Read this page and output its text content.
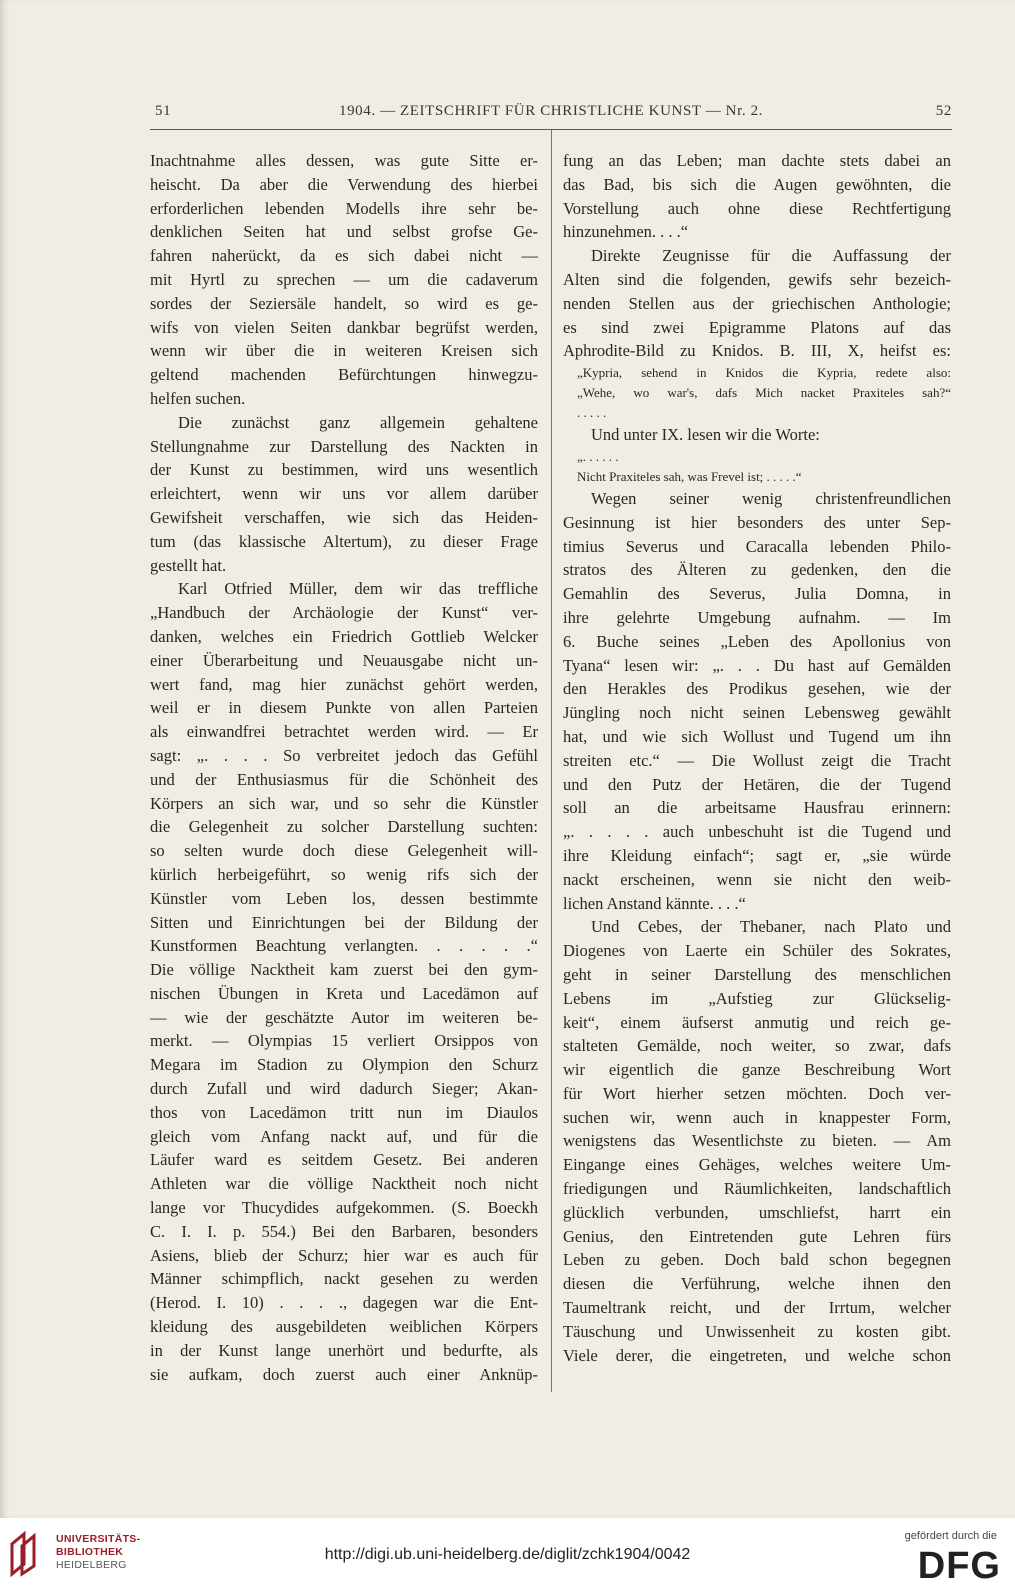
51	1904. — ZEITSCHRIFT FÜR CHRISTLICHE KUNST — Nr. 2.	52
Inachtnahme alles dessen, was gute Sitte er-
heischt. Da aber die Verwendung des hierbei
erforderlichen lebenden Modells ihre sehr be-
denklichen Seiten hat und selbst grofse Ge-
fahren naherückt, da es sich dabei nicht —
mit Hyrtl zu sprechen — um die cadaverum
sordes der Seziersäle handelt, so wird es ge-
wifs von vielen Seiten dankbar begrüfst werden,
wenn wir über die in weiteren Kreisen sich
geltend machenden Befürchtungen hinwegzu-
helfen suchen.
Die zunächst ganz allgemein gehaltene
Stellungnahme zur Darstellung des Nackten in
der Kunst zu bestimmen, wird uns wesentlich
erleichtert, wenn wir uns vor allem darüber
Gewifsheit verschaffen, wie sich das Heiden-
tum (das klassische Altertum), zu dieser Frage
gestellt hat.
Karl Otfried Müller, dem wir das treffliche
„Handbuch der Archäologie der Kunst“ ver-
danken, welches ein Friedrich Gottlieb Welcker
einer Überarbeitung und Neuausgabe nicht un-
wert fand, mag hier zunächst gehört werden,
weil er in diesem Punkte von allen Parteien
als einwandfrei betrachtet werden wird. — Er
sagt: „. . . . So verbreitet jedoch das Gefühl
und der Enthusiasmus für die Schönheit des
Körpers an sich war, und so sehr die Künstler
die Gelegenheit zu solcher Darstellung suchten:
so selten wurde doch diese Gelegenheit will-
kürlich herbeigeführt, so wenig rifs sich der
Künstler vom Leben los, dessen bestimmte
Sitten und Einrichtungen bei der Bildung der
Kunstformen Beachtung verlangten. . . . . .“
Die völlige Nacktheit kam zuerst bei den gym-
nischen Übungen in Kreta und Lacedämon auf
— wie der geschätzte Autor im weiteren be-
merkt. — Olympias 15 verliert Orsippos von
Megara im Stadion zu Olympion den Schurz
durch Zufall und wird dadurch Sieger; Akan-
thos von Lacedämon tritt nun im Diaulos
gleich vom Anfang nackt auf, und für die
Läufer ward es seitdem Gesetz. Bei anderen
Athleten war die völlige Nacktheit noch nicht
lange vor Thucydides aufgekommen. (S. Boeckh
C. I. I. p. 554.) Bei den Barbaren, besonders
Asiens, blieb der Schurz; hier war es auch für
Männer schimpflich, nackt gesehen zu werden
(Herod. I. 10) . . . ., dagegen war die Ent-
kleidung des ausgebildeten weiblichen Körpers
in der Kunst lange unerhört und bedurfte, als
sie aufkam, doch zuerst auch einer Anknüp-
fung an das Leben; man dachte stets dabei an
das Bad, bis sich die Augen gewöhnten, die
Vorstellung auch ohne diese Rechtfertigung
hinzunehmen. . . .“
Direkte Zeugnisse für die Auffassung der
Alten sind die folgenden, gewifs sehr bezeich-
nenden Stellen aus der griechischen Anthologie;
es sind zwei Epigramme Platons auf das
Aphrodite-Bild zu Knidos. B. III, X, heifst es:
„Kypria, sehend in Knidos die Kypria, redete also:
„Wehe, wo war's, dafs Mich nacket Praxiteles sah?“
. . . . .
Und unter IX. lesen wir die Worte:
„. . . . . .
Nicht Praxiteles sah, was Frevel ist; . . . . .“
Wegen seiner wenig christenfreundlichen
Gesinnung ist hier besonders des unter Sep-
timius Severus und Caracalla lebenden Philo-
stratos des Älteren zu gedenken, den die
Gemahlin des Severus, Julia Domna, in
ihre gelehrte Umgebung aufnahm. — Im
6. Buche seines „Leben des Apollonius von
Tyana“ lesen wir: „. . . Du hast auf Gemälden
den Herakles des Prodikus gesehen, wie der
Jüngling noch nicht seinen Lebensweg gewählt
hat, und wie sich Wollust und Tugend um ihn
streiten etc.“ — Die Wollust zeigt die Tracht
und den Putz der Hetären, die der Tugend
soll an die arbeitsame Hausfrau erinnern:
„. . . . . auch unbeschuht ist die Tugend und
ihre Kleidung einfach“; sagt er, „sie würde
nackt erscheinen, wenn sie nicht den weib-
lichen Anstand kännte. . . .“
Und Cebes, der Thebaner, nach Plato und
Diogenes von Laerte ein Schüler des Sokrates,
geht in seiner Darstellung des menschlichen
Lebens im „Aufstieg zur Glückselig-
keit“, einem äufserst anmutig und reich ge-
stalteten Gemälde, noch weiter, so zwar, dafs
wir eigentlich die ganze Beschreibung Wort
für Wort hierher setzen möchten. Doch ver-
suchen wir, wenn auch in knappester Form,
wenigstens das Wesentlichste zu bieten. — Am
Eingange eines Gehäges, welches weitere Um-
friedigungen und Räumlichkeiten, landschaftlich
glücklich verbunden, umschliefst, harrt ein
Genius, den Eintretenden gute Lehren fürs
Leben zu geben. Doch bald schon begegnen
diesen die Verführung, welche ihnen den
Taumeltrank reicht, und der Irrtum, welcher
Täuschung und Unwissenheit zu kosten gibt.
Viele derer, die eingetreten, und welche schon
UNIVERSITÄTS-
BIBLIOTHEK
HEIDELBERG
http://digi.ub.uni-heidelberg.de/diglit/zchk1904/0042
gefördert durch die
DFG
